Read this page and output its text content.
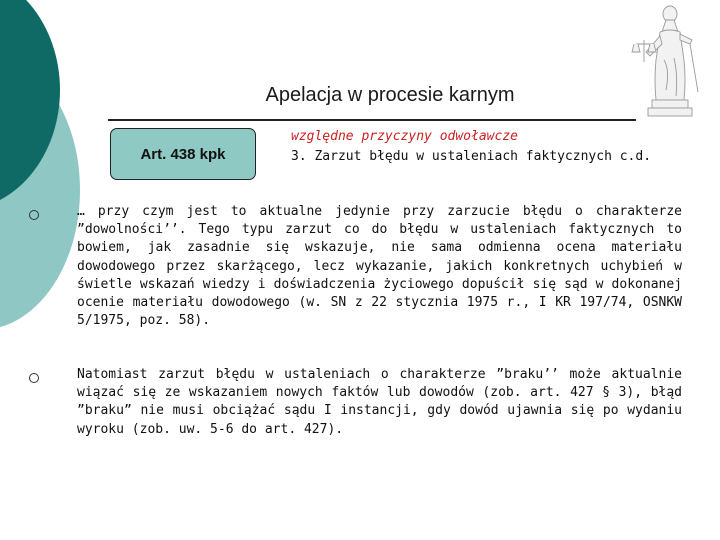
Apelacja w procesie karnym
Art. 438 kpk
względne przyczyny odwoławcze
3. Zarzut błędu w ustaleniach faktycznych c.d.
… przy czym jest to aktualne jedynie przy zarzucie błędu o charakterze ”dowolności’’. Tego typu zarzut co do błędu w ustaleniach faktycznych to bowiem, jak zasadnie się wskazuje, nie sama odmienna ocena materiału dowodowego przez skarżącego, lecz wykazanie, jakich konkretnych uchybień w świetle wskazań wiedzy i doświadczenia życiowego dopuścił się sąd w dokonanej ocenie materiału dowodowego (w. SN z 22 stycznia 1975 r., I KR 197/74, OSNKW 5/1975, poz. 58).
Natomiast zarzut błędu w ustaleniach o charakterze ”braku’’ może aktualnie wiązać się ze wskazaniem nowych faktów lub dowodów (zob. art. 427 § 3), błąd ”braku” nie musi obciążać sądu I instancji, gdy dowód ujawnia się po wydaniu wyroku (zob. uw. 5-6 do art. 427).
